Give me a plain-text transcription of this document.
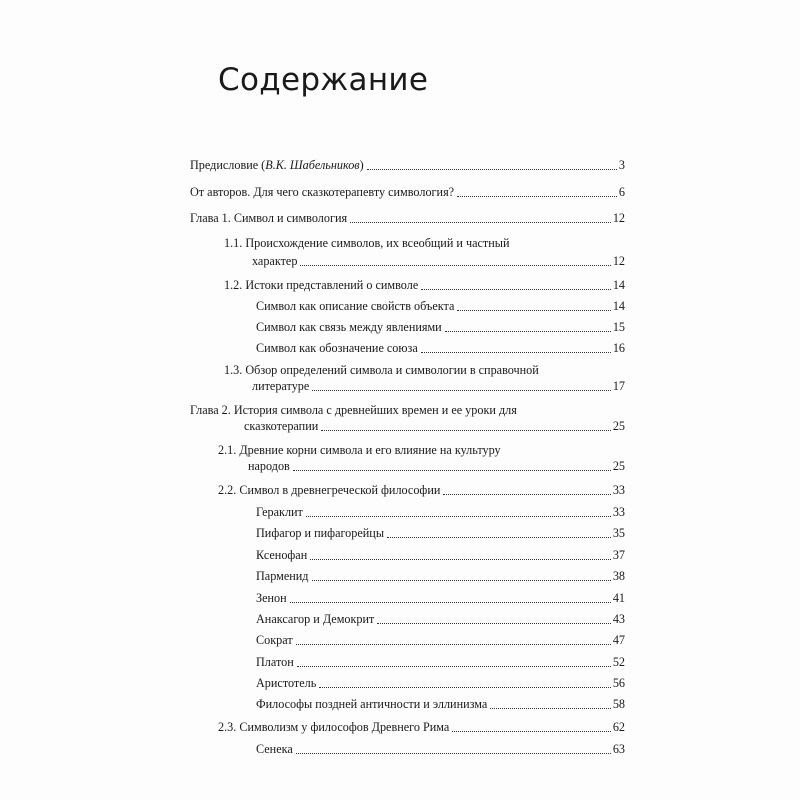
Содержание
Предисловие (В.К. Шабельников)	3
От авторов. Для чего сказкотерапевту симвология?	6
Глава 1. Символ и симвология	12
1.1. Происхождение символов, их всеобщий и частный
характер	12
1.2. Истоки представлений о символе	14
Символ как описание свойств объекта	14
Символ как связь между явлениями	15
Символ как обозначение союза	16
1.3. Обзор определений символа и символогии в справочной
литературе	17
Глава 2. История символа с древнейших времен и ее уроки для
сказкотерапии	25
2.1. Древние корни символа и его влияние на культуру
народов	25
2.2. Символ в древнегреческой философии	33
Гераклит	33
Пифагор и пифагорейцы	35
Ксенофан	37
Парменид	38
Зенон	41
Анаксагор и Демокрит	43
Сократ	47
Платон	52
Аристотель	56
Философы поздней античности и эллинизма	58
2.3. Символизм у философов Древнего Рима	62
Сенека	63
